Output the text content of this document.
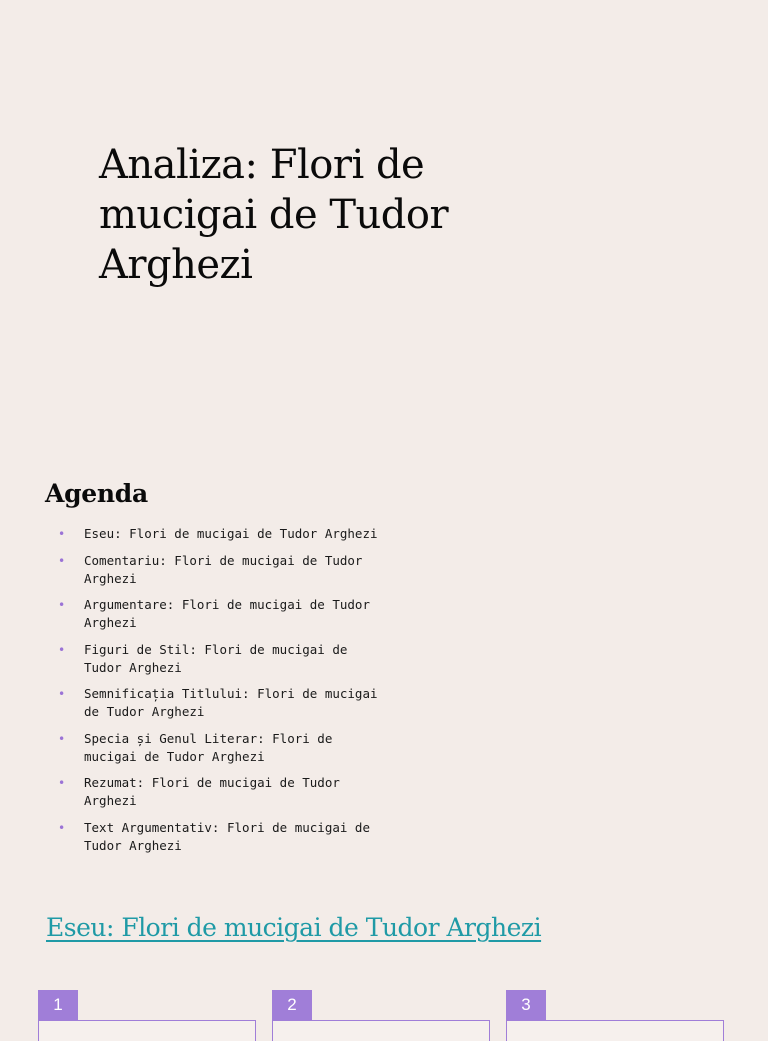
Analiza: Flori de mucigai de Tudor Arghezi
Agenda
• Eseu: Flori de mucigai de Tudor Arghezi
• Comentariu: Flori de mucigai de Tudor Arghezi
• Argumentare: Flori de mucigai de Tudor Arghezi
• Figuri de Stil: Flori de mucigai de Tudor Arghezi
• Semnificația Titlului: Flori de mucigai de Tudor Arghezi
• Specia și Genul Literar: Flori de mucigai de Tudor Arghezi
• Rezumat: Flori de mucigai de Tudor Arghezi
• Text Argumentativ: Flori de mucigai de Tudor Arghezi
Eseu: Flori de mucigai de Tudor Arghezi
1	2	3
